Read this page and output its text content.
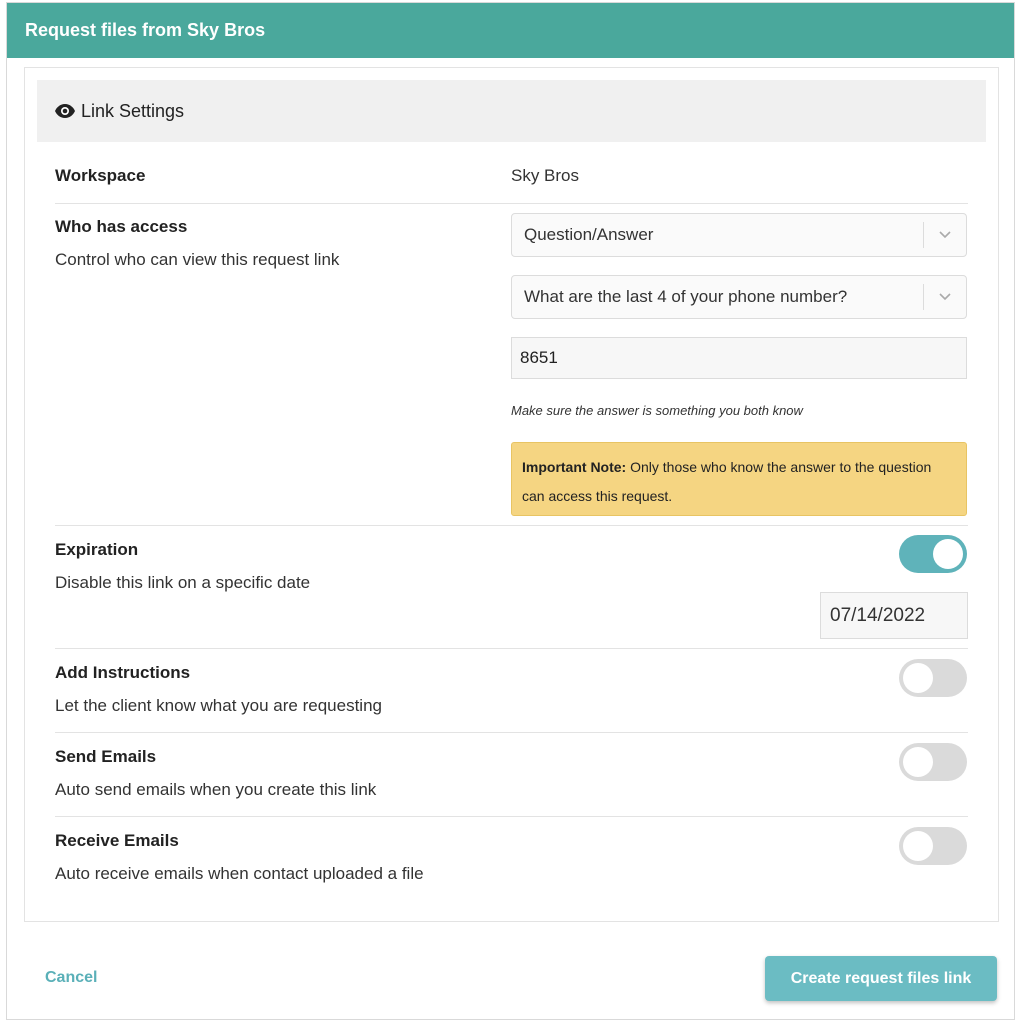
Request files from Sky Bros
Link Settings
Workspace	Sky Bros
Who has access
Control who can view this request link
Question/Answer
What are the last 4 of your phone number?
8651
Make sure the answer is something you both know
Important Note: Only those who know the answer to the question can access this request.
Expiration
Disable this link on a specific date
07/14/2022
Add Instructions
Let the client know what you are requesting
Send Emails
Auto send emails when you create this link
Receive Emails
Auto receive emails when contact uploaded a file
Cancel	Create request files link
